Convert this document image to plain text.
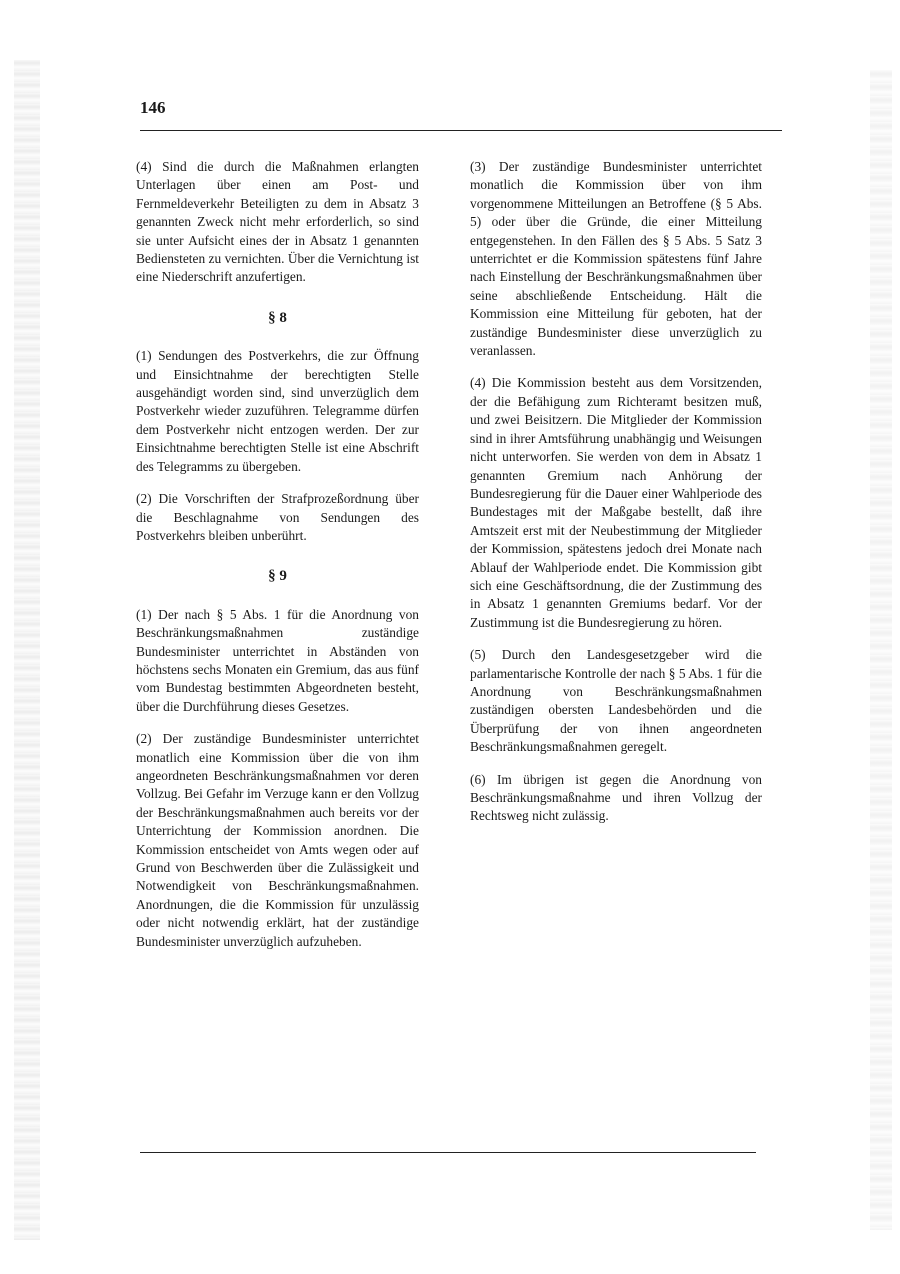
146

(4) Sind die durch die Maßnahmen erlangten Unterlagen über einen am Post- und Fernmeldeverkehr Beteiligten zu dem in Absatz 3 genannten Zweck nicht mehr erforderlich, so sind sie unter Aufsicht eines der in Absatz 1 genannten Bediensteten zu vernichten. Über die Vernichtung ist eine Niederschrift anzufertigen.

§ 8

(1) Sendungen des Postverkehrs, die zur Öffnung und Einsichtnahme der berechtigten Stelle ausgehändigt worden sind, sind unverzüglich dem Postverkehr wieder zuzuführen. Telegramme dürfen dem Postverkehr nicht entzogen werden. Der zur Einsichtnahme berechtigten Stelle ist eine Abschrift des Telegramms zu übergeben.

(2) Die Vorschriften der Strafprozeßordnung über die Beschlagnahme von Sendungen des Postverkehrs bleiben unberührt.

§ 9

(1) Der nach § 5 Abs. 1 für die Anordnung von Beschränkungsmaßnahmen zuständige Bundesminister unterrichtet in Abständen von höchstens sechs Monaten ein Gremium, das aus fünf vom Bundestag bestimmten Abgeordneten besteht, über die Durchführung dieses Gesetzes.

(2) Der zuständige Bundesminister unterrichtet monatlich eine Kommission über die von ihm angeordneten Beschränkungsmaßnahmen vor deren Vollzug. Bei Gefahr im Verzuge kann er den Vollzug der Beschränkungsmaßnahmen auch bereits vor der Unterrichtung der Kommission anordnen. Die Kommission entscheidet von Amts wegen oder auf Grund von Beschwerden über die Zulässigkeit und Notwendigkeit von Beschränkungsmaßnahmen. Anordnungen, die die Kommission für unzulässig oder nicht notwendig erklärt, hat der zuständige Bundesminister unverzüglich aufzuheben.

(3) Der zuständige Bundesminister unterrichtet monatlich die Kommission über von ihm vorgenommene Mitteilungen an Betroffene (§ 5 Abs. 5) oder über die Gründe, die einer Mitteilung entgegenstehen. In den Fällen des § 5 Abs. 5 Satz 3 unterrichtet er die Kommission spätestens fünf Jahre nach Einstellung der Beschränkungsmaßnahmen über seine abschließende Entscheidung. Hält die Kommission eine Mitteilung für geboten, hat der zuständige Bundesminister diese unverzüglich zu veranlassen.

(4) Die Kommission besteht aus dem Vorsitzenden, der die Befähigung zum Richteramt besitzen muß, und zwei Beisitzern. Die Mitglieder der Kommission sind in ihrer Amtsführung unabhängig und Weisungen nicht unterworfen. Sie werden von dem in Absatz 1 genannten Gremium nach Anhörung der Bundesregierung für die Dauer einer Wahlperiode des Bundestages mit der Maßgabe bestellt, daß ihre Amtszeit erst mit der Neubestimmung der Mitglieder der Kommission, spätestens jedoch drei Monate nach Ablauf der Wahlperiode endet. Die Kommission gibt sich eine Geschäftsordnung, die der Zustimmung des in Absatz 1 genannten Gremiums bedarf. Vor der Zustimmung ist die Bundesregierung zu hören.

(5) Durch den Landesgesetzgeber wird die parlamentarische Kontrolle der nach § 5 Abs. 1 für die Anordnung von Beschränkungsmaßnahmen zuständigen obersten Landesbehörden und die Überprüfung der von ihnen angeordneten Beschränkungsmaßnahmen geregelt.

(6) Im übrigen ist gegen die Anordnung von Beschränkungsmaßnahme und ihren Vollzug der Rechtsweg nicht zulässig.
